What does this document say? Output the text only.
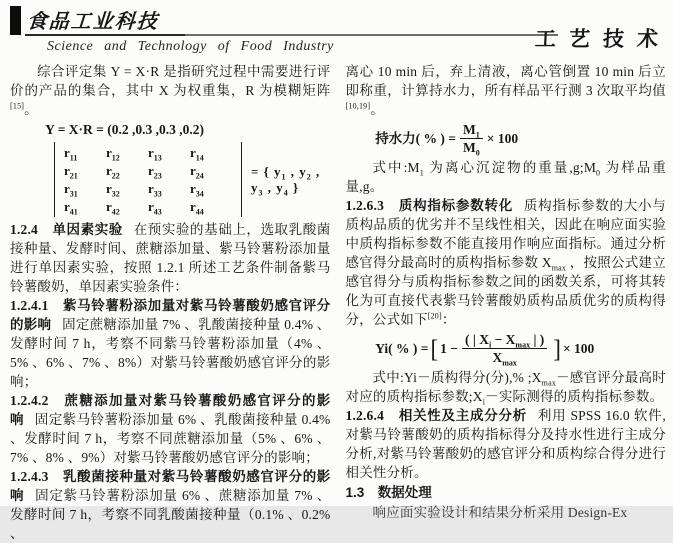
食品工业科技
Science and Technology of Food Industry	工艺技术

综合评定集 Y = X·R 是指研究过程中需要进行评价的产品的集合，其中 X 为权重集，R 为模糊矩阵[15]。

Y = X·R = (0.2 ,0.3 ,0.3 ,0.2)
$r_{11}$	$r_{12}$	$r_{13}$	$r_{14}$
$r_{21}$	$r_{22}$	$r_{23}$	$r_{24}$
$r_{31}$	$r_{32}$	$r_{33}$	$r_{34}$
$r_{41}$	$r_{42}$	$r_{43}$	$r_{44}$
= { $y_1$ , $y_2$ , $y_3$ , $y_4$ }

1.2.4　单因素实验 在预实验的基础上，选取乳酸菌接种量、发酵时间、蔗糖添加量、紫马铃薯粉添加量进行单因素实验，按照 1.2.1 所述工艺条件制备紫马铃薯酸奶，单因素实验条件：

1.2.4.1　紫马铃薯粉添加量对紫马铃薯酸奶感官评分的影响 固定蔗糖添加量 7% 、乳酸菌接种量 0.4% 、发酵时间 7 h，考察不同紫马铃薯粉添加量（4% 、5% 、6% 、7% 、8%）对紫马铃薯酸奶感官评分的影响；

1.2.4.2　蔗糖添加量对紫马铃薯酸奶感官评分的影响 固定紫马铃薯粉添加量 6% 、乳酸菌接种量 0.4% 、发酵时间 7 h，考察不同蔗糖添加量（5% 、6% 、7% 、8% 、9%）对紫马铃薯酸奶感官评分的影响；

1.2.4.3　乳酸菌接种量对紫马铃薯酸奶感官评分的影响 固定紫马铃薯粉添加量 6% 、蔗糖添加量 7% 、发酵时间 7 h，考察不同乳酸菌接种量（0.1% 、0.2% 、

离心 10 min 后，弃上清液，离心管倒置 10 min 后立即称重，计算持水力，所有样品平行测 3 次取平均值[10,19]。

持水力( % ) = $\frac{M_1}{M_0} \times 100$

式中$:M_1$ 为离心沉淀物的重量$,g;M_0$ 为样品重量,g。

1.2.6.3　质构指标参数转化 质构指标参数的大小与质构品质的优劣并不呈线性相关，因此在响应面实验中质构指标参数不能直接用作响应面指标。通过分析感官得分最高时的质构指标参数 $X_{max}$ ，按照公式建立感官得分与质构指标参数之间的函数关系，可将其转化为可直接代表紫马铃薯酸奶质构品质优劣的质构得分，公式如下[20]：

Yi( % ) = [ $1 - \frac{( | X_i - X_{max} | )}{X_{max}}$ ] × 100

式中:Yi－质构得分(分),% $;X_{max}-$感官评分最高时对应的质构指标参数$;X_i-$实际测得的质构指标参数。

1.2.6.4　相关性及主成分分析 利用 SPSS 16.0 软件,对紫马铃薯酸奶的质构指标得分及持水性进行主成分分析,对紫马铃薯酸奶的感官评分和质构综合得分进行相关性分析。

1.3　数据处理

响应面实验设计和结果分析采用 Design-Ex
